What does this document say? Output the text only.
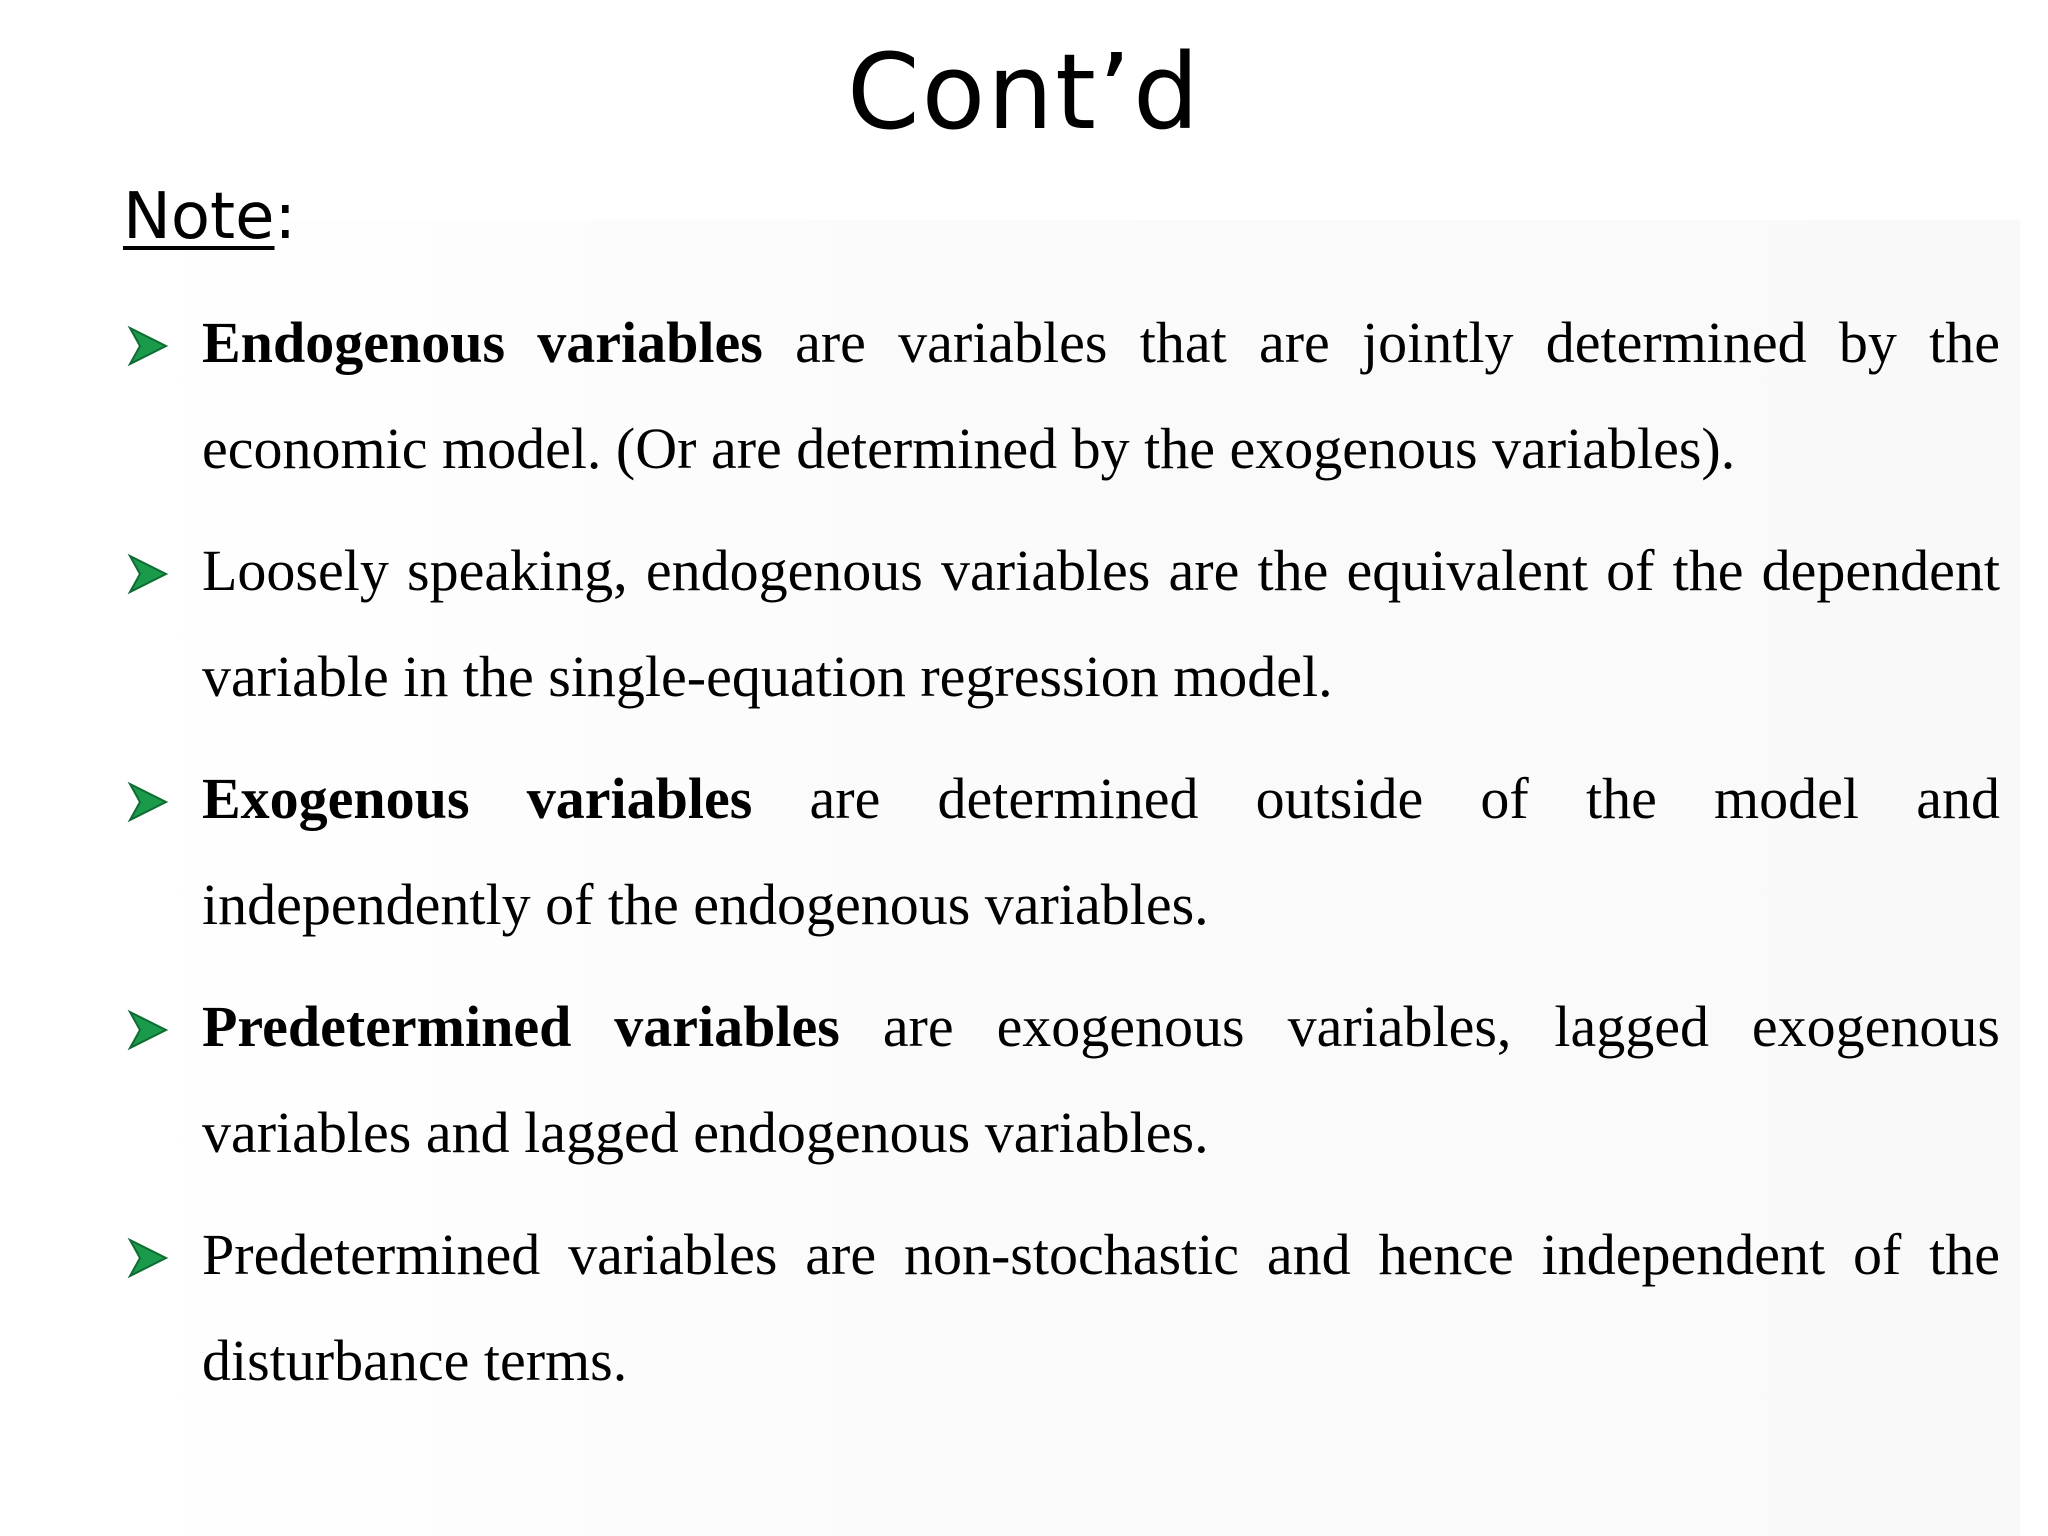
Cont’d
Note:
Endogenous variables are variables that are jointly determined by the economic model. (Or are determined by the exogenous variables).
Loosely speaking, endogenous variables are the equivalent of the dependent variable in the single-equation regression model.
Exogenous variables are determined outside of the model and independently of the endogenous variables.
Predetermined variables are exogenous variables, lagged exogenous variables and lagged endogenous variables.
Predetermined variables are non-stochastic and hence independent of the disturbance terms.
